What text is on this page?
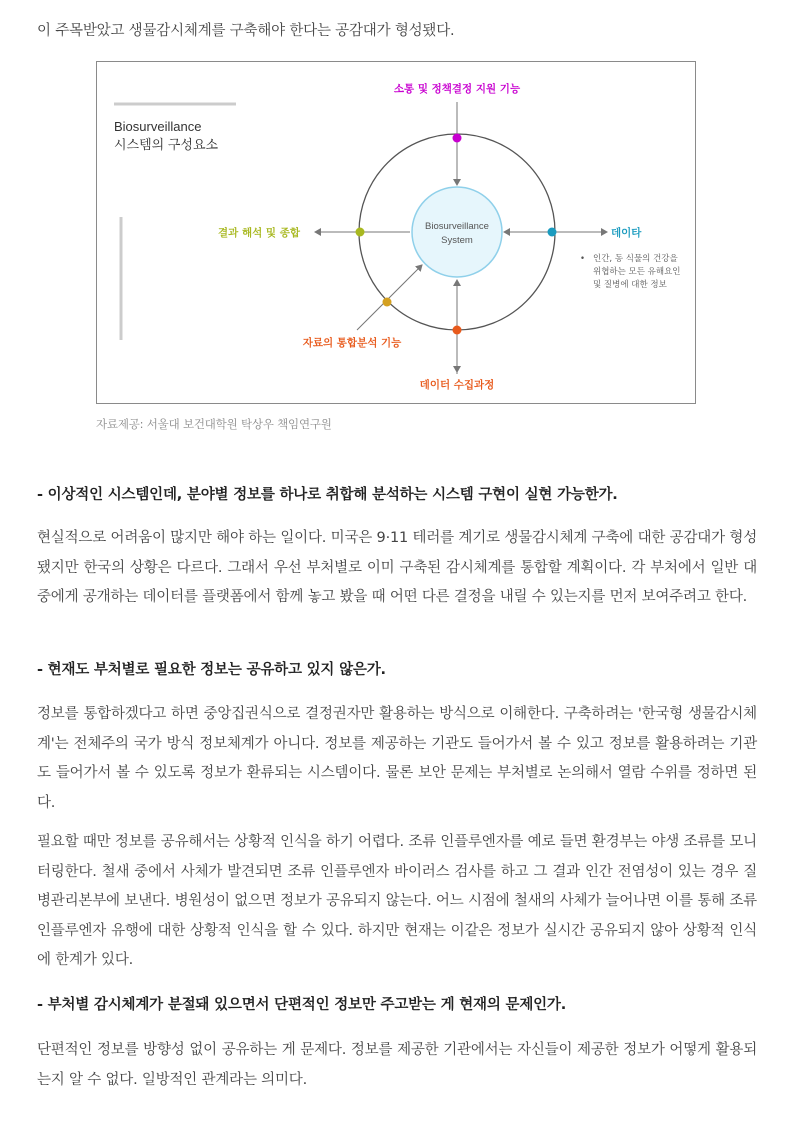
이 주목받았고 생물감시체계를 구축해야 한다는 공감대가 형성됐다.

Biosurveillance
시스템의 구성요소
Biosurveillance
System
소통 및 정책결정 지원 기능
데이타
결과 해석 및 종합
데이터 수집과정
자료의 통합분석 기능
• 인간, 동 식물의 건강을
위협하는 모든 유해요인
및 질병에 대한 정보
자료제공: 서울대 보건대학원 탁상우 책임연구원

- 이상적인 시스템인데, 분야별 정보를 하나로 취합해 분석하는 시스템 구현이 실현 가능한가.

현실적으로 어려움이 많지만 해야 하는 일이다. 미국은 9·11 테러를 계기로 생물감시체계 구축에 대한 공감대가 형성됐지만 한국의 상황은 다르다. 그래서 우선 부처별로 이미 구축된 감시체계를 통합할 계획이다. 각 부처에서 일반 대중에게 공개하는 데이터를 플랫폼에서 함께 놓고 봤을 때 어떤 다른 결정을 내릴 수 있는지를 먼저 보여주려고 한다.

- 현재도 부처별로 필요한 정보는 공유하고 있지 않은가.

정보를 통합하겠다고 하면 중앙집권식으로 결정권자만 활용하는 방식으로 이해한다. 구축하려는 '한국형 생물감시체계'는 전체주의 국가 방식 정보체계가 아니다. 정보를 제공하는 기관도 들어가서 볼 수 있고 정보를 활용하려는 기관도 들어가서 볼 수 있도록 정보가 환류되는 시스템이다. 물론 보안 문제는 부처별로 논의해서 열람 수위를 정하면 된다.

필요할 때만 정보를 공유해서는 상황적 인식을 하기 어렵다. 조류 인플루엔자를 예로 들면 환경부는 야생 조류를 모니터링한다. 철새 중에서 사체가 발견되면 조류 인플루엔자 바이러스 검사를 하고 그 결과 인간 전염성이 있는 경우 질병관리본부에 보낸다. 병원성이 없으면 정보가 공유되지 않는다. 어느 시점에 철새의 사체가 늘어나면 이를 통해 조류 인플루엔자 유행에 대한 상황적 인식을 할 수 있다. 하지만 현재는 이같은 정보가 실시간 공유되지 않아 상황적 인식에 한계가 있다.

- 부처별 감시체계가 분절돼 있으면서 단편적인 정보만 주고받는 게 현재의 문제인가.

단편적인 정보를 방향성 없이 공유하는 게 문제다. 정보를 제공한 기관에서는 자신들이 제공한 정보가 어떻게 활용되는지 알 수 없다. 일방적인 관계라는 의미다.
